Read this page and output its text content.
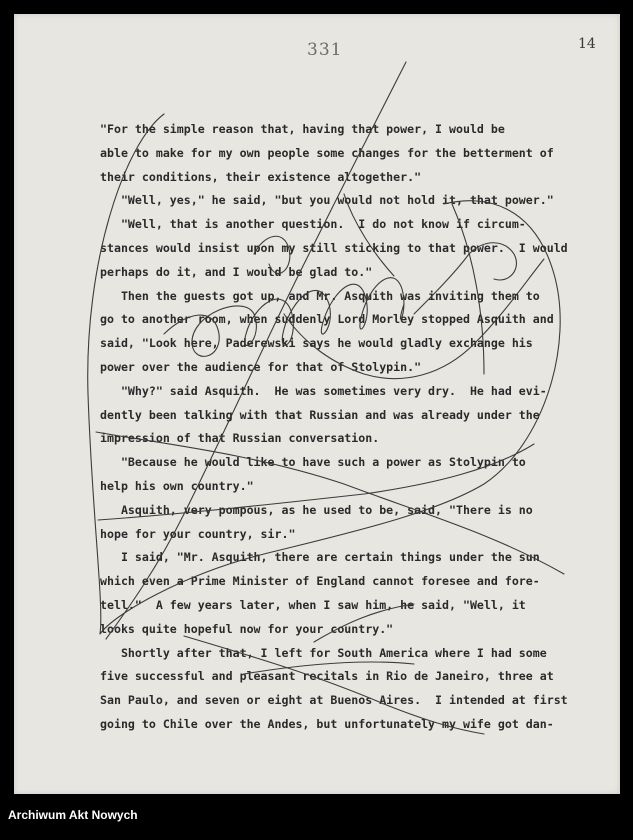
331	14
"For the simple reason that, having that power, I would be
able to make for my own people some changes for the betterment of
their conditions, their existence altogether."
"Well, yes," he said, "but you would not hold it, that power."
"Well, that is another question.  I do not know if circum-
stances would insist upon my still sticking to that power.  I would
perhaps do it, and I would be glad to."
Then the guests got up, and Mr. Asquith was inviting them to
go to another room, when suddenly Lord Morley stopped Asquith and
said, "Look here, Paderewski says he would gladly exchange his
power over the audience for that of Stolypin."
"Why?" said Asquith.  He was sometimes very dry.  He had evi-
dently been talking with that Russian and was already under the
impression of that Russian conversation.
"Because he would like to have such a power as Stolypin to
help his own country."
Asquith, very pompous, as he used to be, said, "There is no
hope for your country, sir."
I said, "Mr. Asquith, there are certain things under the sun
which even a Prime Minister of England cannot foresee and fore-
tell."  A few years later, when I saw him, he said, "Well, it
looks quite hopeful now for your country."
Shortly after that, I left for South America where I had some
five successful and pleasant recitals in Rio de Janeiro, three at
San Paulo, and seven or eight at Buenos Aires.  I intended at first
going to Chile over the Andes, but unfortunately my wife got dan-
Archiwum Akt Nowych
